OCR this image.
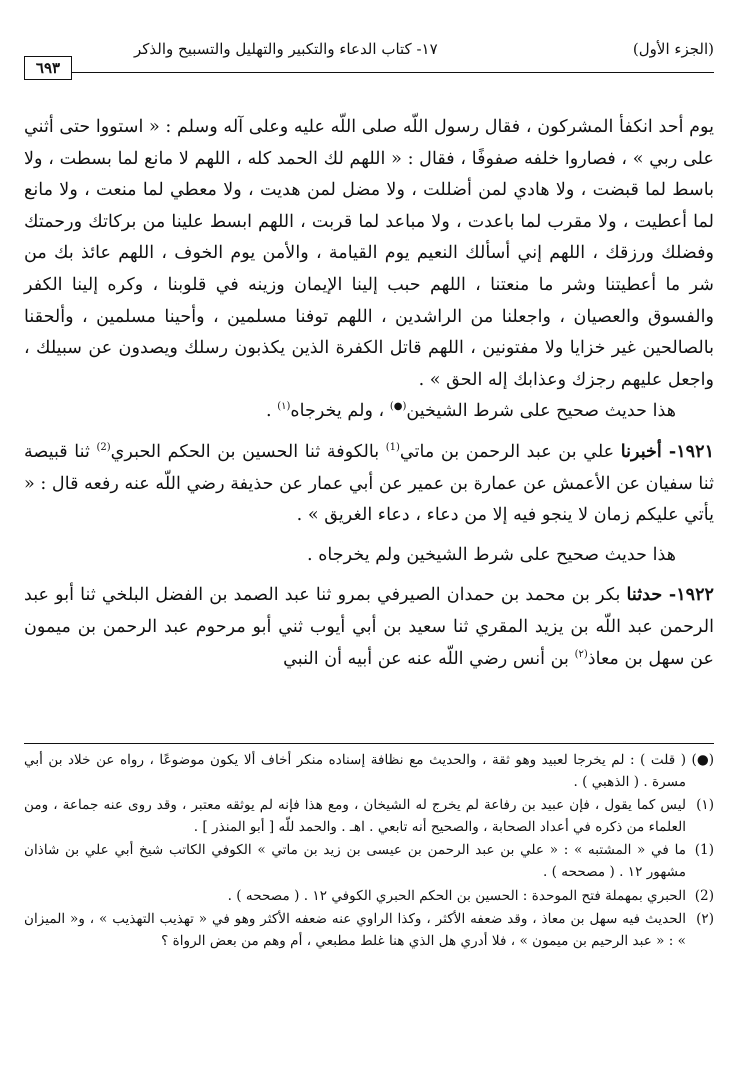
(الجزء الأول)
١٧- كتاب الدعاء والتكبير والتهليل والتسبيح والذكر
٦٩٣

يوم أحد انكفأ المشركون ، فقال رسول اللّه صلى اللّه عليه وعلى آله وسلم : « استووا حتى أثني على ربي » ، فصاروا خلفه صفوفًا ، فقال : « اللهم لك الحمد كله ، اللهم لا مانع لما بسطت ، ولا باسط لما قبضت ، ولا هادي لمن أضللت ، ولا مضل لمن هديت ، ولا معطي لما منعت ، ولا مانع لما أعطيت ، ولا مقرب لما باعدت ، ولا مباعد لما قربت ، اللهم ابسط علينا من بركاتك ورحمتك وفضلك ورزقك ، اللهم إني أسألك النعيم يوم القيامة ، والأمن يوم الخوف ، اللهم عائذ بك من شر ما أعطيتنا وشر ما منعتنا ، اللهم حبب إلينا الإيمان وزينه في قلوبنا ، وكره إلينا الكفر والفسوق والعصيان ، واجعلنا من الراشدين ، اللهم توفنا مسلمين ، وأحينا مسلمين ، وألحقنا بالصالحين غير خزايا ولا مفتونين ، اللهم قاتل الكفرة الذين يكذبون رسلك ويصدون عن سبيلك ، واجعل عليهم رجزك وعذابك إله الحق » .

هذا حديث صحيح على شرط الشيخين(●) ، ولم يخرجاه$^{(١)}$ .

١٩٢١- أخبرنا علي بن عبد الرحمن بن ماتي$^{(1)}$ بالكوفة ثنا الحسين بن الحكم الحبري$^{(2)}$ ثنا قبيصة ثنا سفيان عن الأعمش عن عمارة بن عمير عن أبي عمار عن حذيفة رضي اللّه عنه رفعه قال : « يأتي عليكم زمان لا ينجو فيه إلا من دعاء ، دعاء الغريق » .

هذا حديث صحيح على شرط الشيخين ولم يخرجاه .

١٩٢٢- حدثنا بكر بن محمد بن حمدان الصيرفي بمرو ثنا عبد الصمد بن الفضل البلخي ثنا أبو عبد الرحمن عبد اللّه بن يزيد المقري ثنا سعيد بن أبي أيوب ثني أبو مرحوم عبد الرحمن بن ميمون عن سهل بن معاذ$^{(٢)}$ بن أنس رضي اللّه عنه عن أبيه أن النبي

(●)
( قلت ) : لم يخرجا لعبيد وهو ثقة ، والحديث مع نظافة إسناده منكر أخاف ألا يكون موضوعًا ، رواه عن خلاد بن أبي مسرة . ( الذهبي ) .
(١)
ليس كما يقول ، فإن عبيد بن رفاعة لم يخرج له الشيخان ، ومع هذا فإنه لم يوثقه معتبر ، وقد روى عنه جماعة ، ومن العلماء من ذكره في أعداد الصحابة ، والصحيح أنه تابعي . اهـ . والحمد للّه [ أبو المنذر ] .
(1)
ما في « المشتبه » : « علي بن عبد الرحمن بن عيسى بن زيد بن ماتي » الكوفي الكاتب شيخ أبي علي بن شاذان مشهور ١٢ . ( مصححه ) .
(2)
الحبري بمهملة فتح الموحدة : الحسين بن الحكم الحبري الكوفي ١٢ . ( مصححه ) .
(٢)
الحديث فيه سهل بن معاذ ، وقد ضعفه الأكثر ، وكذا الراوي عنه ضعفه الأكثر وهو في « تهذيب التهذيب » ، و« الميزان » : « عبد الرحيم بن ميمون » ، فلا أدري هل الذي هنا غلط مطبعي ، أم وهم من بعض الرواة ؟
